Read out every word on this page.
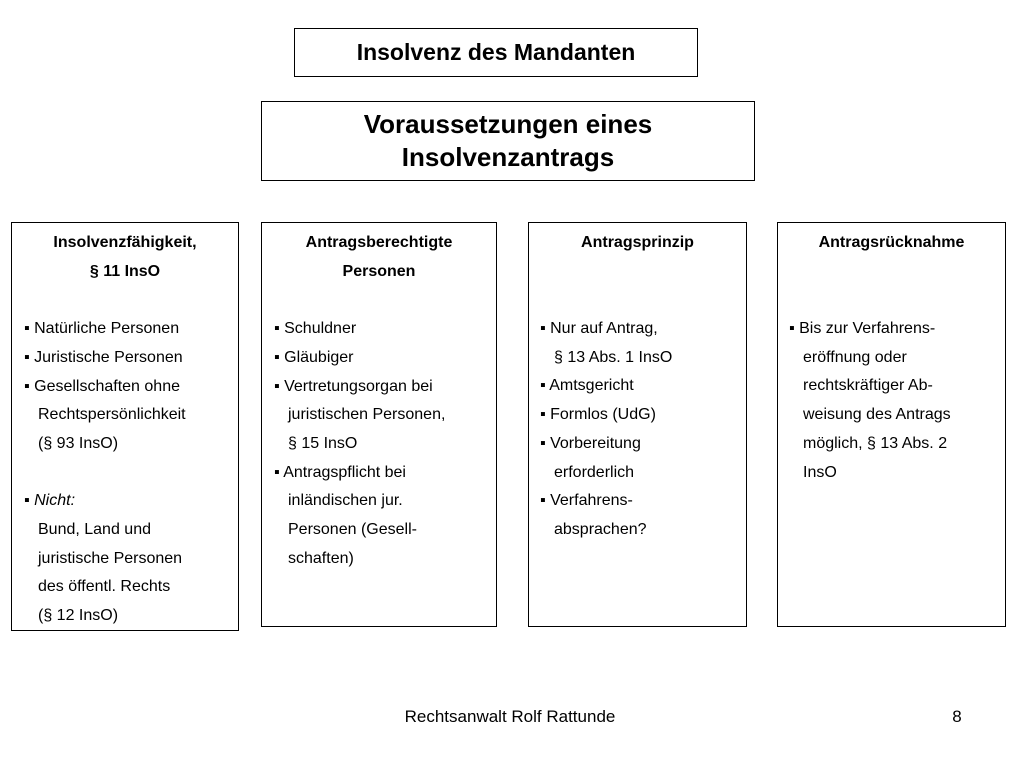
Insolvenz des Mandanten
Voraussetzungen eines
Insolvenzantrags
Insolvenzfähigkeit,
§ 11 InsO
▪ Natürliche Personen
▪ Juristische Personen
▪ Gesellschaften ohne
Rechtspersönlichkeit
(§ 93 InsO)
▪ Nicht:
Bund, Land und
juristische Personen
des öffentl. Rechts
(§ 12 InsO)
Antragsberechtigte
Personen
▪ Schuldner
▪ Gläubiger
▪ Vertretungsorgan bei
juristischen Personen,
§ 15 InsO
▪ Antragspflicht bei
inländischen jur.
Personen (Gesell-
schaften)
Antragsprinzip
▪ Nur auf Antrag,
§ 13 Abs. 1 InsO
▪ Amtsgericht
▪ Formlos (UdG)
▪ Vorbereitung
erforderlich
▪ Verfahrens-
absprachen?
Antragsrücknahme
▪ Bis zur Verfahrens-
eröffnung oder
rechtskräftiger Ab-
weisung des Antrags
möglich, § 13 Abs. 2
InsO
Rechtsanwalt Rolf Rattunde	8
